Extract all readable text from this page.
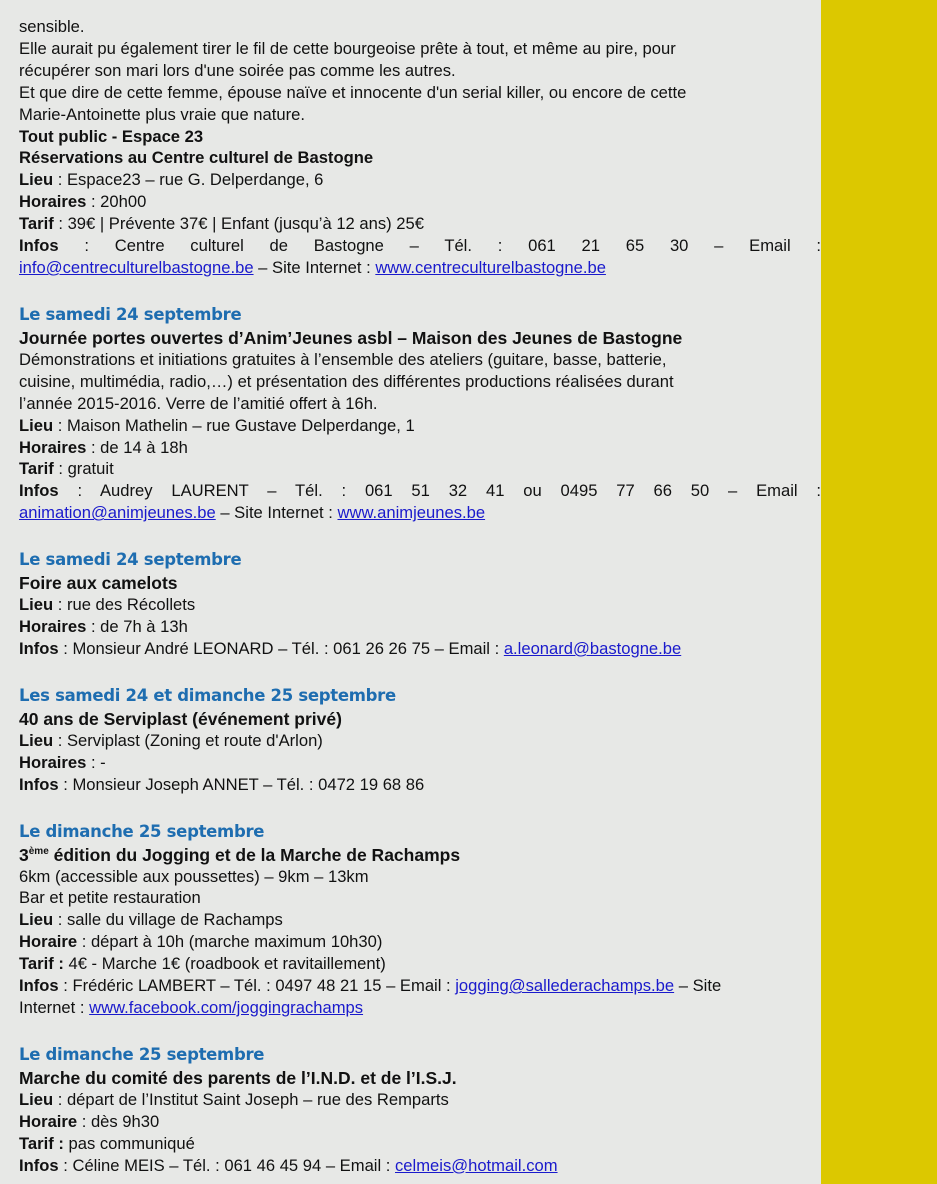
sensible.

Elle aurait pu également tirer le fil de cette bourgeoise prête à tout, et même au pire, pour

récupérer son mari lors d'une soirée pas comme les autres.

Et que dire de cette femme, épouse naïve et innocente d'un serial killer, ou encore de cette

Marie-Antoinette plus vraie que nature.

Tout public - Espace 23

Réservations au Centre culturel de Bastogne

Lieu : Espace23 – rue G. Delperdange, 6

Horaires : 20h00

Tarif : 39€ | Prévente 37€ | Enfant (jusqu’à 12 ans) 25€

Infos : Centre culturel de Bastogne – Tél. : 061 21 65 30 – Email :

info@centreculturelbastogne.be – Site Internet : www.centreculturelbastogne.be

Le samedi 24 septembre

Journée portes ouvertes d’Anim’Jeunes asbl – Maison des Jeunes de Bastogne

Démonstrations et initiations gratuites à l’ensemble des ateliers (guitare, basse, batterie,

cuisine, multimédia, radio,…) et présentation des différentes productions réalisées durant

l’année 2015-2016. Verre de l’amitié offert à 16h.

Lieu : Maison Mathelin – rue Gustave Delperdange, 1

Horaires : de 14 à 18h

Tarif : gratuit

Infos : Audrey LAURENT – Tél. : 061 51 32 41 ou 0495 77 66 50 – Email :

animation@animjeunes.be – Site Internet : www.animjeunes.be

Le samedi 24 septembre

Foire aux camelots

Lieu : rue des Récollets

Horaires : de 7h à 13h

Infos : Monsieur André LEONARD – Tél. : 061 26 26 75 – Email : a.leonard@bastogne.be

Les samedi 24 et dimanche 25 septembre

40 ans de Serviplast (événement privé)

Lieu : Serviplast (Zoning et route d'Arlon)

Horaires : -

Infos : Monsieur Joseph ANNET – Tél. : 0472 19 68 86

Le dimanche 25 septembre

3ème édition du Jogging et de la Marche de Rachamps

6km (accessible aux poussettes) – 9km – 13km

Bar et petite restauration

Lieu : salle du village de Rachamps

Horaire : départ à 10h (marche maximum 10h30)

Tarif : 4€ - Marche 1€ (roadbook et ravitaillement)

Infos : Frédéric LAMBERT – Tél. : 0497 48 21 15 – Email : jogging@sallederachamps.be – Site

Internet : www.facebook.com/joggingrachamps

Le dimanche 25 septembre

Marche du comité des parents de l’I.N.D. et de l’I.S.J.

Lieu : départ de l’Institut Saint Joseph – rue des Remparts

Horaire : dès 9h30

Tarif : pas communiqué

Infos : Céline MEIS – Tél. : 061 46 45 94 – Email : celmeis@hotmail.com
